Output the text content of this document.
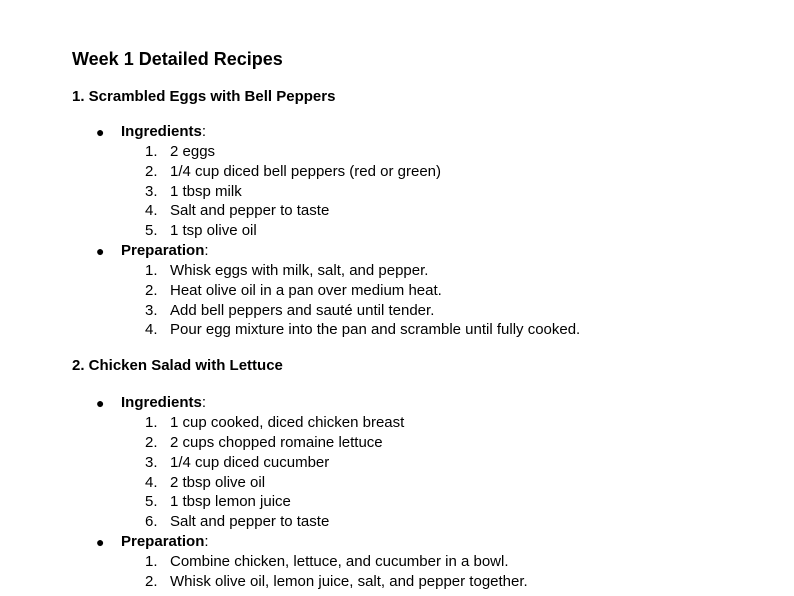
Week 1 Detailed Recipes
1. Scrambled Eggs with Bell Peppers
● Ingredients:
1. 2 eggs
2. 1/4 cup diced bell peppers (red or green)
3. 1 tbsp milk
4. Salt and pepper to taste
5. 1 tsp olive oil
● Preparation:
1. Whisk eggs with milk, salt, and pepper.
2. Heat olive oil in a pan over medium heat.
3. Add bell peppers and sauté until tender.
4. Pour egg mixture into the pan and scramble until fully cooked.
2. Chicken Salad with Lettuce
● Ingredients:
1. 1 cup cooked, diced chicken breast
2. 2 cups chopped romaine lettuce
3. 1/4 cup diced cucumber
4. 2 tbsp olive oil
5. 1 tbsp lemon juice
6. Salt and pepper to taste
● Preparation:
1. Combine chicken, lettuce, and cucumber in a bowl.
2. Whisk olive oil, lemon juice, salt, and pepper together.
